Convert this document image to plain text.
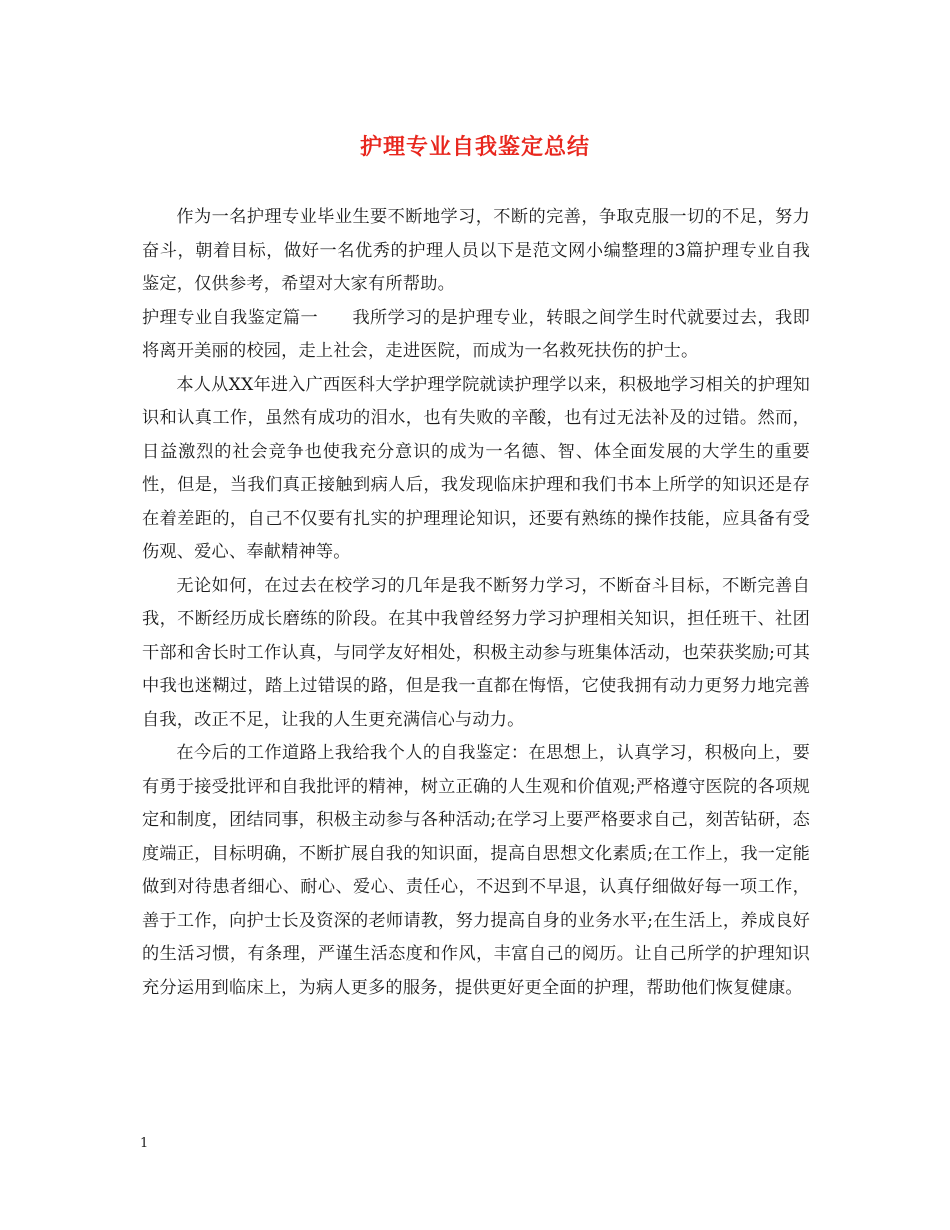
护理专业自我鉴定总结

作为一名护理专业毕业生要不断地学习，不断的完善，争取克服一切的不足，努力奋斗，朝着目标，做好一名优秀的护理人员以下是范文网小编整理的3篇护理专业自我鉴定，仅供参考，希望对大家有所帮助。

护理专业自我鉴定篇一 我所学习的是护理专业，转眼之间学生时代就要过去，我即将离开美丽的校园，走上社会，走进医院，而成为一名救死扶伤的护士。

本人从XX年进入广西医科大学护理学院就读护理学以来，积极地学习相关的护理知识和认真工作，虽然有成功的泪水，也有失败的辛酸，也有过无法补及的过错。然而，日益激烈的社会竞争也使我充分意识的成为一名德、智、体全面发展的大学生的重要性，但是，当我们真正接触到病人后，我发现临床护理和我们书本上所学的知识还是存在着差距的，自己不仅要有扎实的护理理论知识，还要有熟练的操作技能，应具备有受伤观、爱心、奉献精神等。

无论如何，在过去在校学习的几年是我不断努力学习，不断奋斗目标，不断完善自我，不断经历成长磨练的阶段。在其中我曾经努力学习护理相关知识，担任班干、社团干部和舍长时工作认真，与同学友好相处，积极主动参与班集体活动，也荣获奖励;可其中我也迷糊过，踏上过错误的路，但是我一直都在悔悟，它使我拥有动力更努力地完善自我，改正不足，让我的人生更充满信心与动力。

在今后的工作道路上我给我个人的自我鉴定：在思想上，认真学习，积极向上，要有勇于接受批评和自我批评的精神，树立正确的人生观和价值观;严格遵守医院的各项规定和制度，团结同事，积极主动参与各种活动;在学习上要严格要求自己，刻苦钻研，态度端正，目标明确，不断扩展自我的知识面，提高自思想文化素质;在工作上，我一定能做到对待患者细心、耐心、爱心、责任心，不迟到不早退，认真仔细做好每一项工作，善于工作，向护士长及资深的老师请教，努力提高自身的业务水平;在生活上，养成良好的生活习惯，有条理，严谨生活态度和作风，丰富自己的阅历。让自己所学的护理知识充分运用到临床上，为病人更多的服务，提供更好更全面的护理，帮助他们恢复健康。

1
